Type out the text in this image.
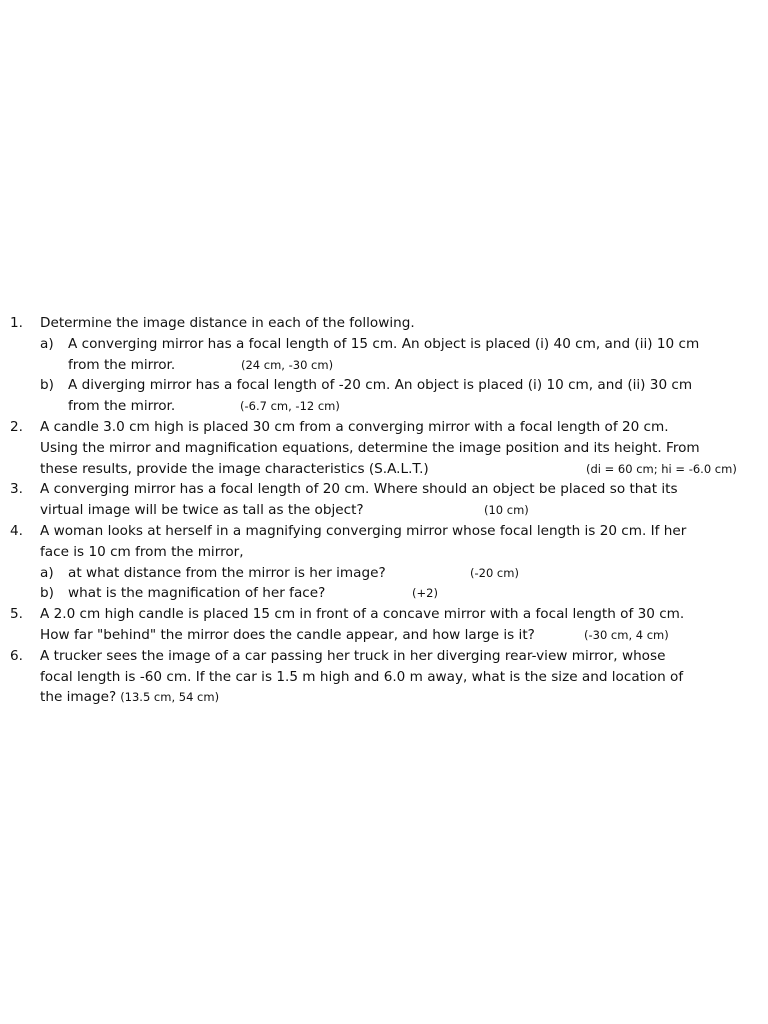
1. Determine the image distance in each of the following.
a) A converging mirror has a focal length of 15 cm. An object is placed (i) 40 cm, and (ii) 10 cm
from the mirror.	(24 cm, -30 cm)
b) A diverging mirror has a focal length of -20 cm. An object is placed (i) 10 cm, and (ii) 30 cm
from the mirror.	(-6.7 cm, -12 cm)
2. A candle 3.0 cm high is placed 30 cm from a converging mirror with a focal length of 20 cm.
Using the mirror and magnification equations, determine the image position and its height. From
these results, provide the image characteristics (S.A.L.T.)	(di = 60 cm; hi = -6.0 cm)
3. A converging mirror has a focal length of 20 cm. Where should an object be placed so that its
virtual image will be twice as tall as the object?	(10 cm)
4. A woman looks at herself in a magnifying converging mirror whose focal length is 20 cm. If her
face is 10 cm from the mirror,
a) at what distance from the mirror is her image?	(-20 cm)
b) what is the magnification of her face?	(+2)
5. A 2.0 cm high candle is placed 15 cm in front of a concave mirror with a focal length of 30 cm.
How far "behind" the mirror does the candle appear, and how large is it?	(-30 cm, 4 cm)
6. A trucker sees the image of a car passing her truck in her diverging rear-view mirror, whose
focal length is -60 cm. If the car is 1.5 m high and 6.0 m away, what is the size and location of
the image? (13.5 cm, 54 cm)
